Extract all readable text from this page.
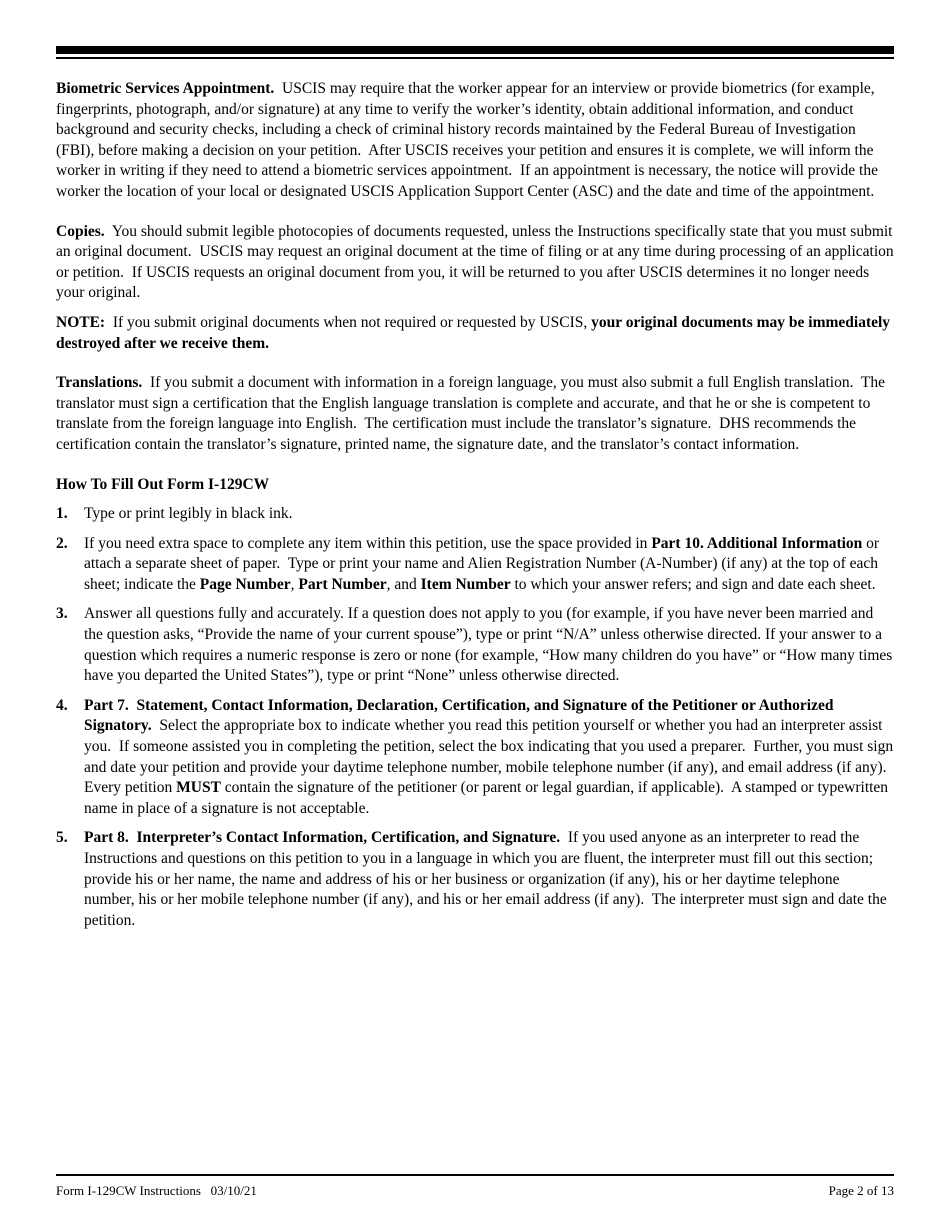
Biometric Services Appointment.  USCIS may require that the worker appear for an interview or provide biometrics (for example, fingerprints, photograph, and/or signature) at any time to verify the worker’s identity, obtain additional information, and conduct background and security checks, including a check of criminal history records maintained by the Federal Bureau of Investigation (FBI), before making a decision on your petition.  After USCIS receives your petition and ensures it is complete, we will inform the worker in writing if they need to attend a biometric services appointment.  If an appointment is necessary, the notice will provide the worker the location of your local or designated USCIS Application Support Center (ASC) and the date and time of the appointment.

Copies.  You should submit legible photocopies of documents requested, unless the Instructions specifically state that you must submit an original document.  USCIS may request an original document at the time of filing or at any time during processing of an application or petition.  If USCIS requests an original document from you, it will be returned to you after USCIS determines it no longer needs your original.

NOTE:  If you submit original documents when not required or requested by USCIS, your original documents may be immediately destroyed after we receive them.

Translations.  If you submit a document with information in a foreign language, you must also submit a full English translation.  The translator must sign a certification that the English language translation is complete and accurate, and that he or she is competent to translate from the foreign language into English.  The certification must include the translator’s signature.  DHS recommends the certification contain the translator’s signature, printed name, the signature date, and the translator’s contact information.

How To Fill Out Form I-129CW

1.	Type or print legibly in black ink.
2.	If you need extra space to complete any item within this petition, use the space provided in Part 10. Additional Information or attach a separate sheet of paper.  Type or print your name and Alien Registration Number (A-Number) (if any) at the top of each sheet; indicate the Page Number, Part Number, and Item Number to which your answer refers; and sign and date each sheet.
3.	Answer all questions fully and accurately. If a question does not apply to you (for example, if you have never been married and the question asks, “Provide the name of your current spouse”), type or print “N/A” unless otherwise directed. If your answer to a question which requires a numeric response is zero or none (for example, “How many children do you have” or “How many times have you departed the United States”), type or print “None” unless otherwise directed.
4.	Part 7.  Statement, Contact Information, Declaration, Certification, and Signature of the Petitioner or Authorized Signatory.  Select the appropriate box to indicate whether you read this petition yourself or whether you had an interpreter assist you.  If someone assisted you in completing the petition, select the box indicating that you used a preparer.  Further, you must sign and date your petition and provide your daytime telephone number, mobile telephone number (if any), and email address (if any).  Every petition MUST contain the signature of the petitioner (or parent or legal guardian, if applicable).  A stamped or typewritten name in place of a signature is not acceptable.
5.	Part 8.  Interpreter’s Contact Information, Certification, and Signature.  If you used anyone as an interpreter to read the Instructions and questions on this petition to you in a language in which you are fluent, the interpreter must fill out this section; provide his or her name, the name and address of his or her business or organization (if any), his or her daytime telephone number, his or her mobile telephone number (if any), and his or her email address (if any).  The interpreter must sign and date the petition.
Form I-129CW Instructions   03/10/21	Page 2 of 13
